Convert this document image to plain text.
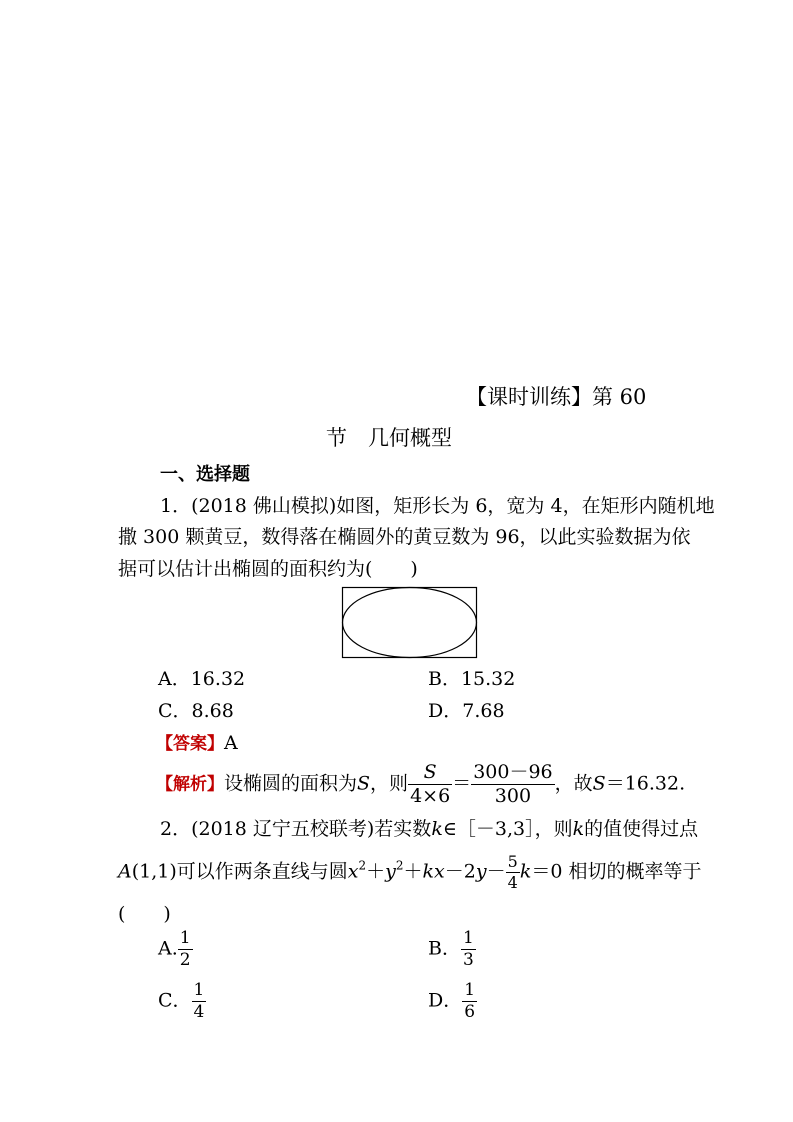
【课时训练】第 60
节　几何概型
一、选择题
1．(2018 佛山模拟)如图，矩形长为 6，宽为 4，在矩形内随机地
撒 300 颗黄豆，数得落在椭圆外的黄豆数为 96，以此实验数据为依
据可以估计出椭圆的面积约为(　　)
A．16.32	B．15.32
C．8.68	D．7.68
【答案】A
【解析】设椭圆的面积为S，则 $\frac{S}{4\times 6} = \frac{300-96}{300}$ ，故S＝16.32.
2．(2018 辽宁五校联考)若实数k∈［－3,3］，则k的值使得过点
A(1,1)可以作两条直线与圆$x^2+y^2+kx-2y- \frac{5}{4} k=0$ 相切的概率等于
(　　)
A. $\frac{1}{2}$	B． $\frac{1}{3}$
C． $\frac{1}{4}$	D． $\frac{1}{6}$
